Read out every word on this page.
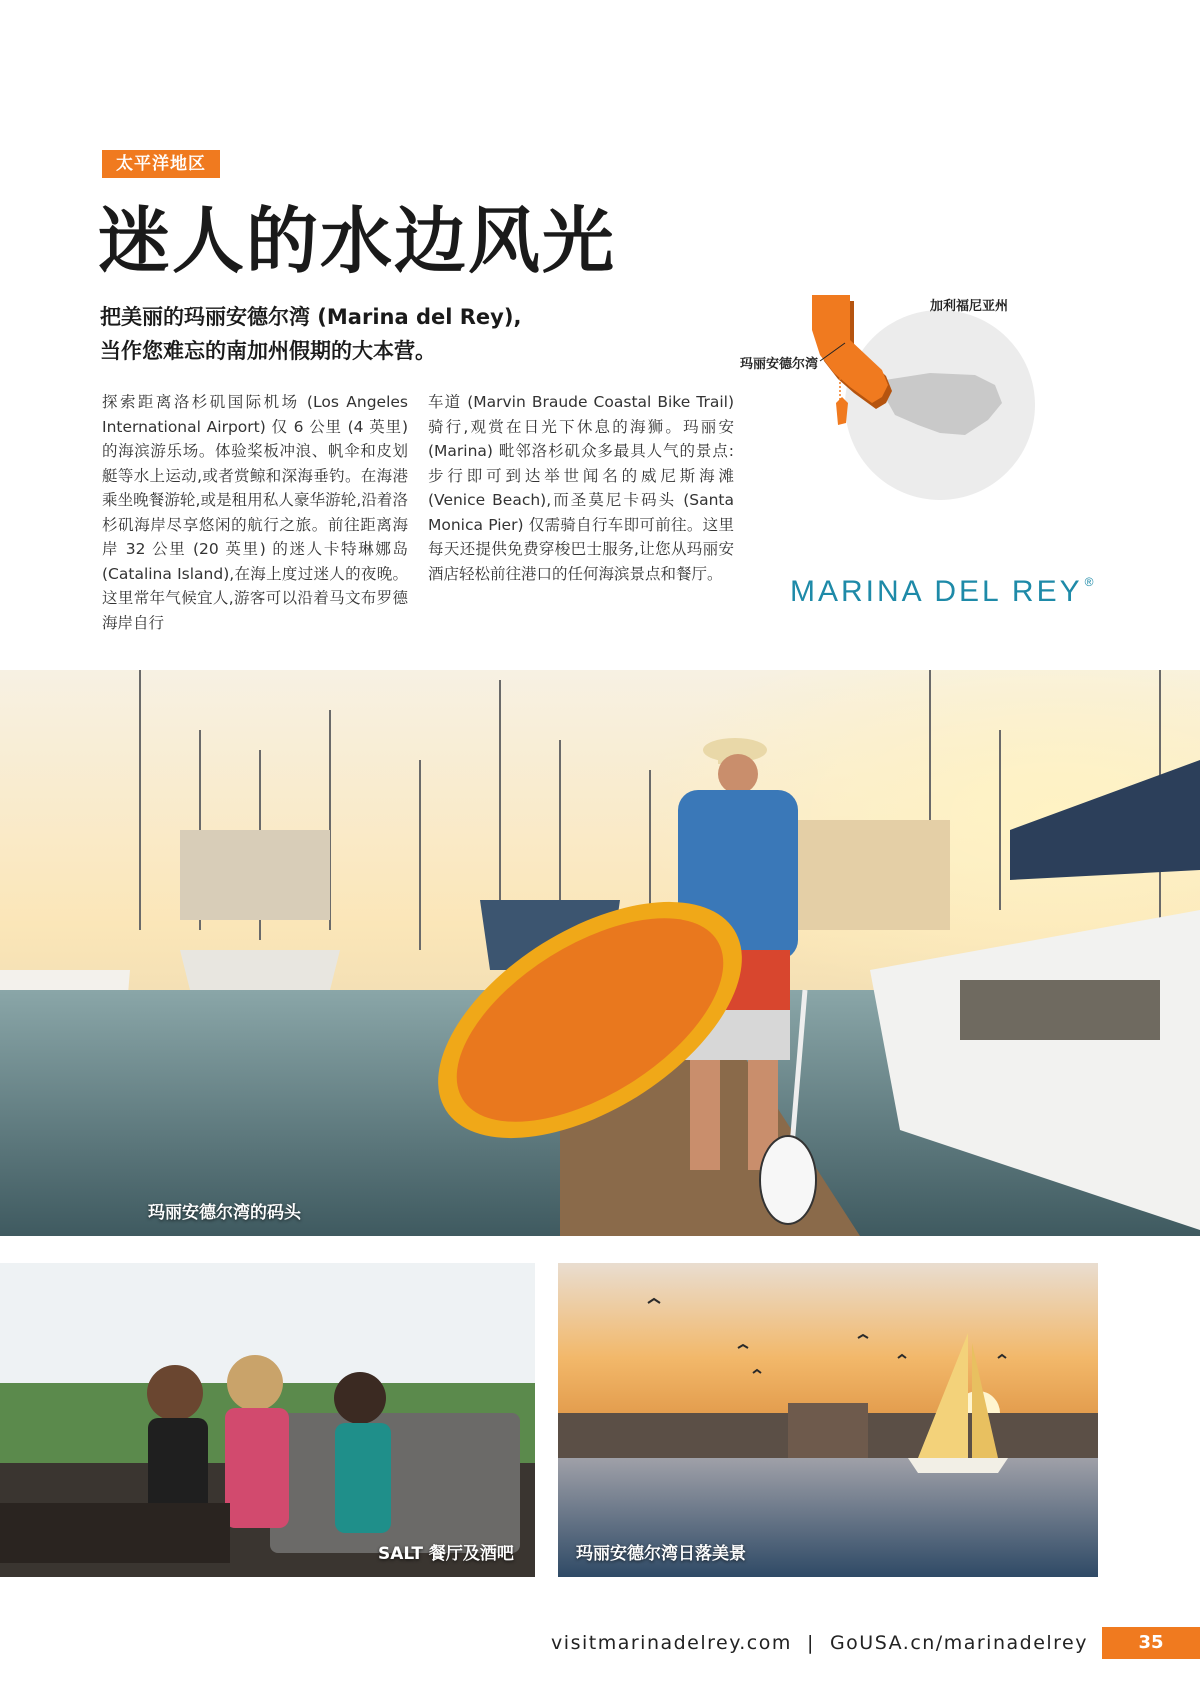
太平洋地区
迷人的水边风光
把美丽的玛丽安德尔湾 (Marina del Rey),
当作您难忘的南加州假期的大本营。
探索距离洛杉矶国际机场 (Los Angeles International Airport) 仅 6 公里 (4 英里) 的海滨游乐场。体验桨板冲浪、帆伞和皮划艇等水上运动,或者赏鲸和深海垂钓。在海港乘坐晚餐游轮,或是租用私人豪华游轮,沿着洛杉矶海岸尽享悠闲的航行之旅。前往距离海岸 32 公里 (20 英里) 的迷人卡特琳娜岛 (Catalina Island),在海上度过迷人的夜晚。这里常年气候宜人,游客可以沿着马文布罗德海岸自行
车道 (Marvin Braude Coastal Bike Trail) 骑行,观赏在日光下休息的海狮。玛丽安 (Marina) 毗邻洛杉矶众多最具人气的景点:步行即可到达举世闻名的威尼斯海滩 (Venice Beach),而圣莫尼卡码头 (Santa Monica Pier) 仅需骑自行车即可前往。这里每天还提供免费穿梭巴士服务,让您从玛丽安酒店轻松前往港口的任何海滨景点和餐厅。
加利福尼亚州
玛丽安德尔湾
MARINA DEL REY ®
玛丽安德尔湾的码头
SALT 餐厅及酒吧	玛丽安德尔湾日落美景
visitmarinadelrey.com  |  GoUSA.cn/marinadelrey	35
